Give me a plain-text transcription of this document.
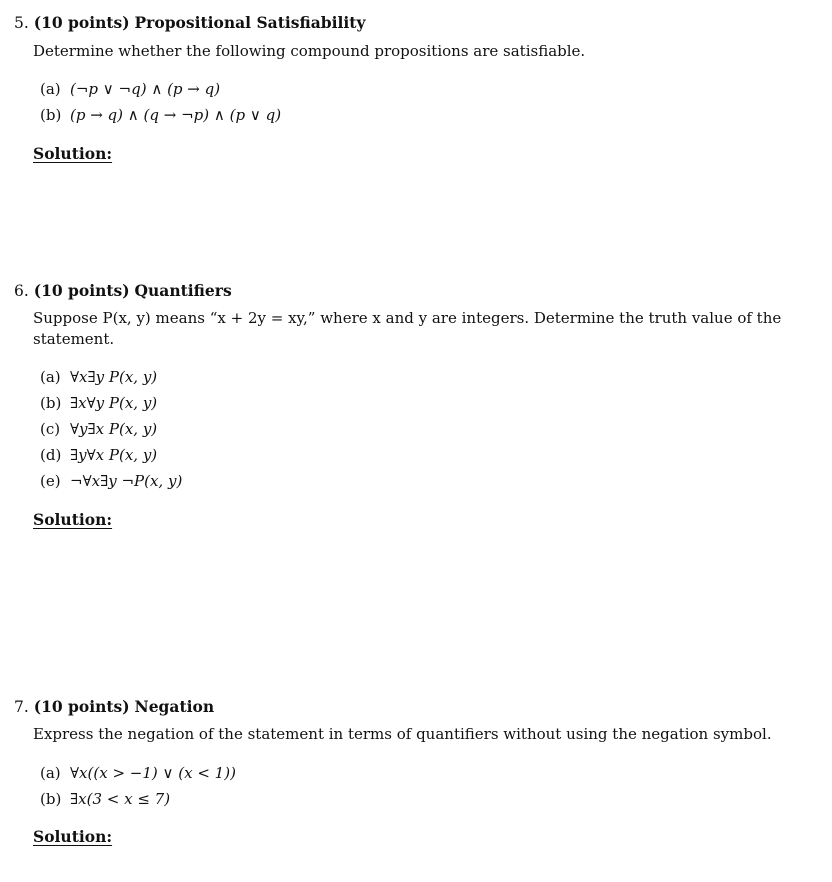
5. (10 points) Propositional Satisfiability
Determine whether the following compound propositions are satisfiable.
(a) (¬p ∨ ¬q) ∧ (p → q)
(b) (p → q) ∧ (q → ¬p) ∧ (p ∨ q)
Solution:
6. (10 points) Quantifiers
Suppose P(x, y) means “x + 2y = xy,” where x and y are integers. Determine the truth value of the statement.
(a) ∀x∃y P(x, y)
(b) ∃x∀y P(x, y)
(c) ∀y∃x P(x, y)
(d) ∃y∀x P(x, y)
(e) ¬∀x∃y ¬P(x, y)
Solution:
7. (10 points) Negation
Express the negation of the statement in terms of quantifiers without using the negation symbol.
(a) ∀x((x > −1) ∨ (x < 1))
(b) ∃x(3 < x ≤ 7)
Solution:
